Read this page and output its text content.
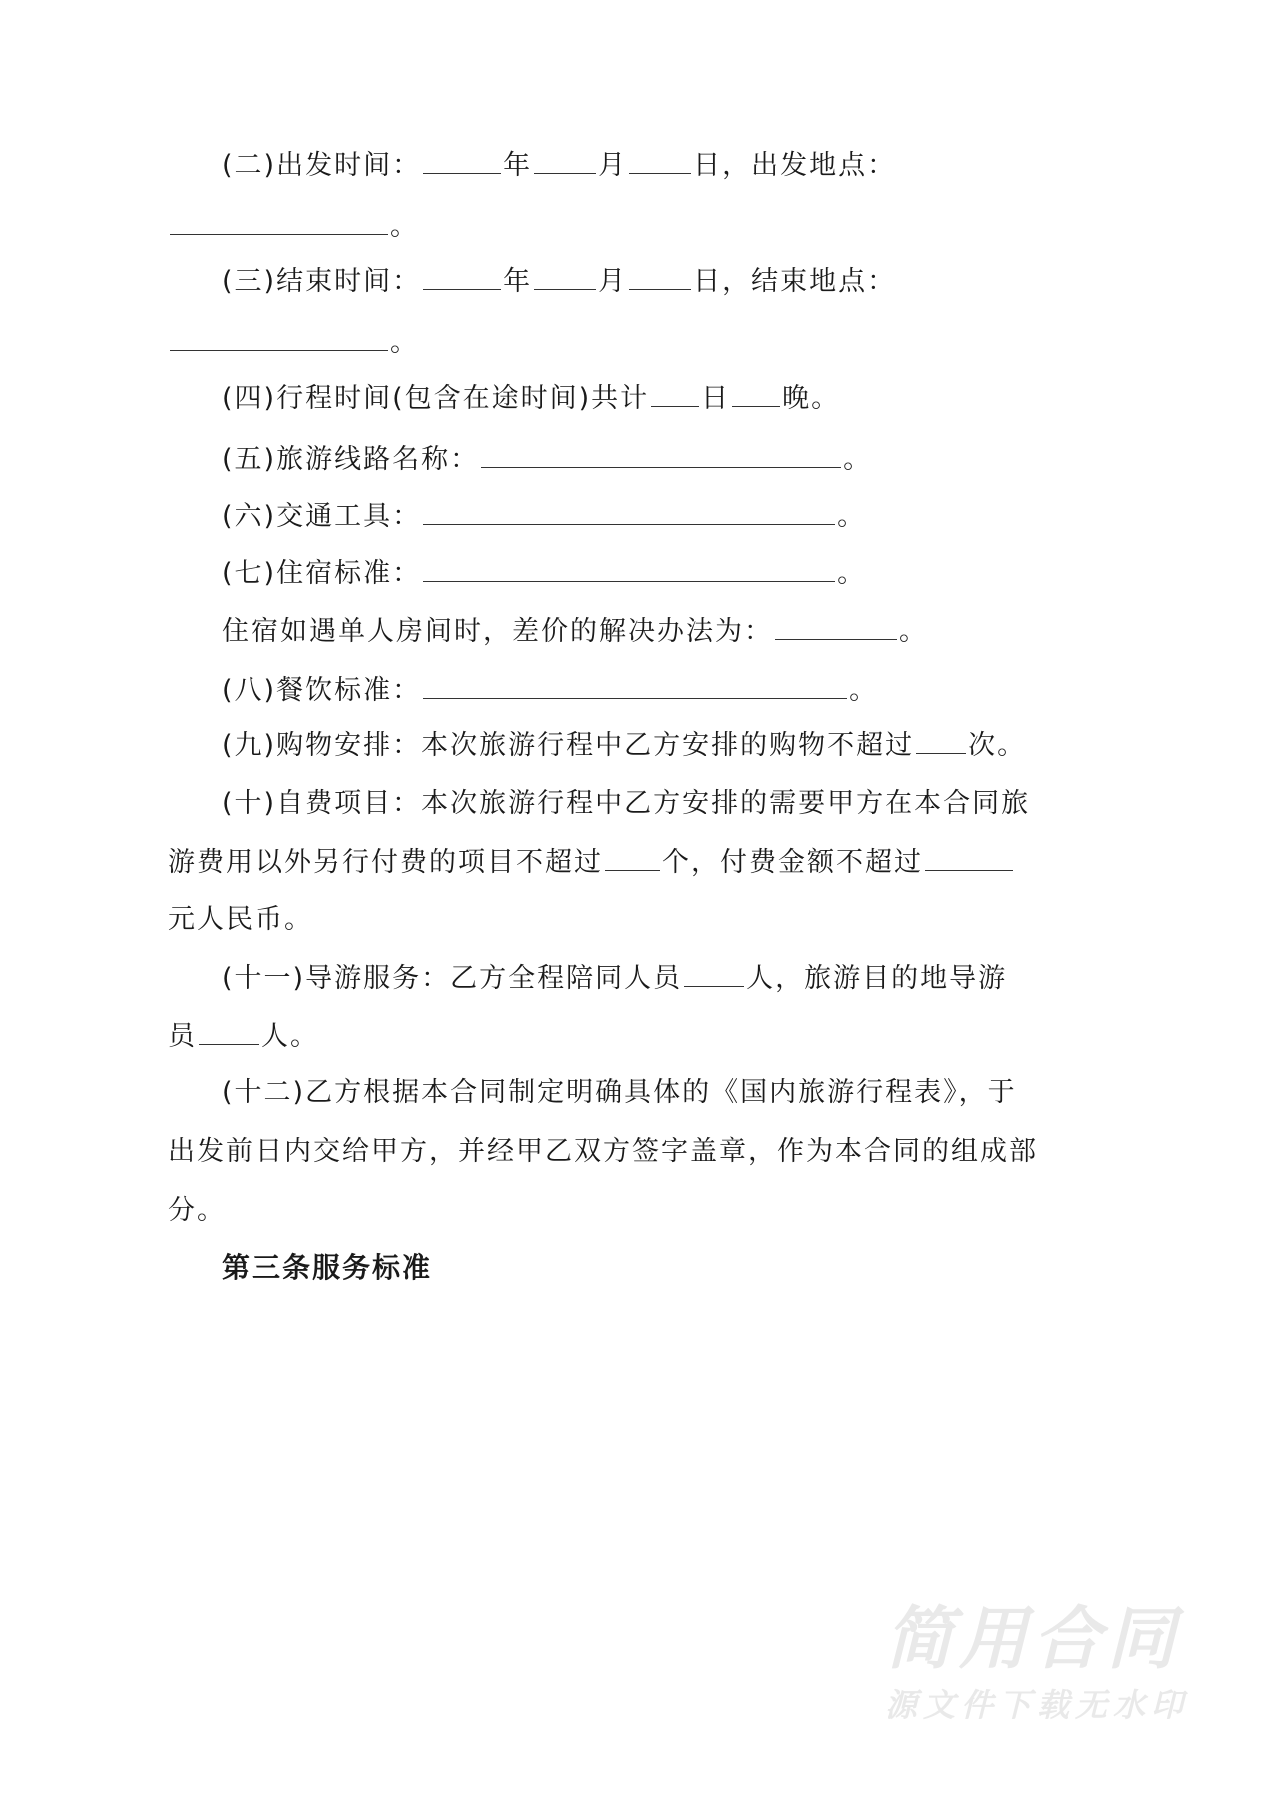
(二)出发时间：	年 月 日，出发地点：
。
(三)结束时间：	年 月 日，结束地点：
。
(四)行程时间(包含在途时间)共计 日 晚。
(五)旅游线路名称：	。
(六)交通工具：	。
(七)住宿标准：	。
住宿如遇单人房间时，差价的解决办法为：	。
(八)餐饮标准：	。
(九)购物安排：本次旅游行程中乙方安排的购物不超过 次。
(十)自费项目：本次旅游行程中乙方安排的需要甲方在本合同旅
游费用以外另行付费的项目不超过 个，付费金额不超过
元人民币。
(十一)导游服务：乙方全程陪同人员 人，旅游目的地导游
员 人。
(十二)乙方根据本合同制定明确具体的《国内旅游行程表》，于
出发前日内交给甲方，并经甲乙双方签字盖章，作为本合同的组成部
分。
第三条服务标准
简用合同
源文件下载无水印
